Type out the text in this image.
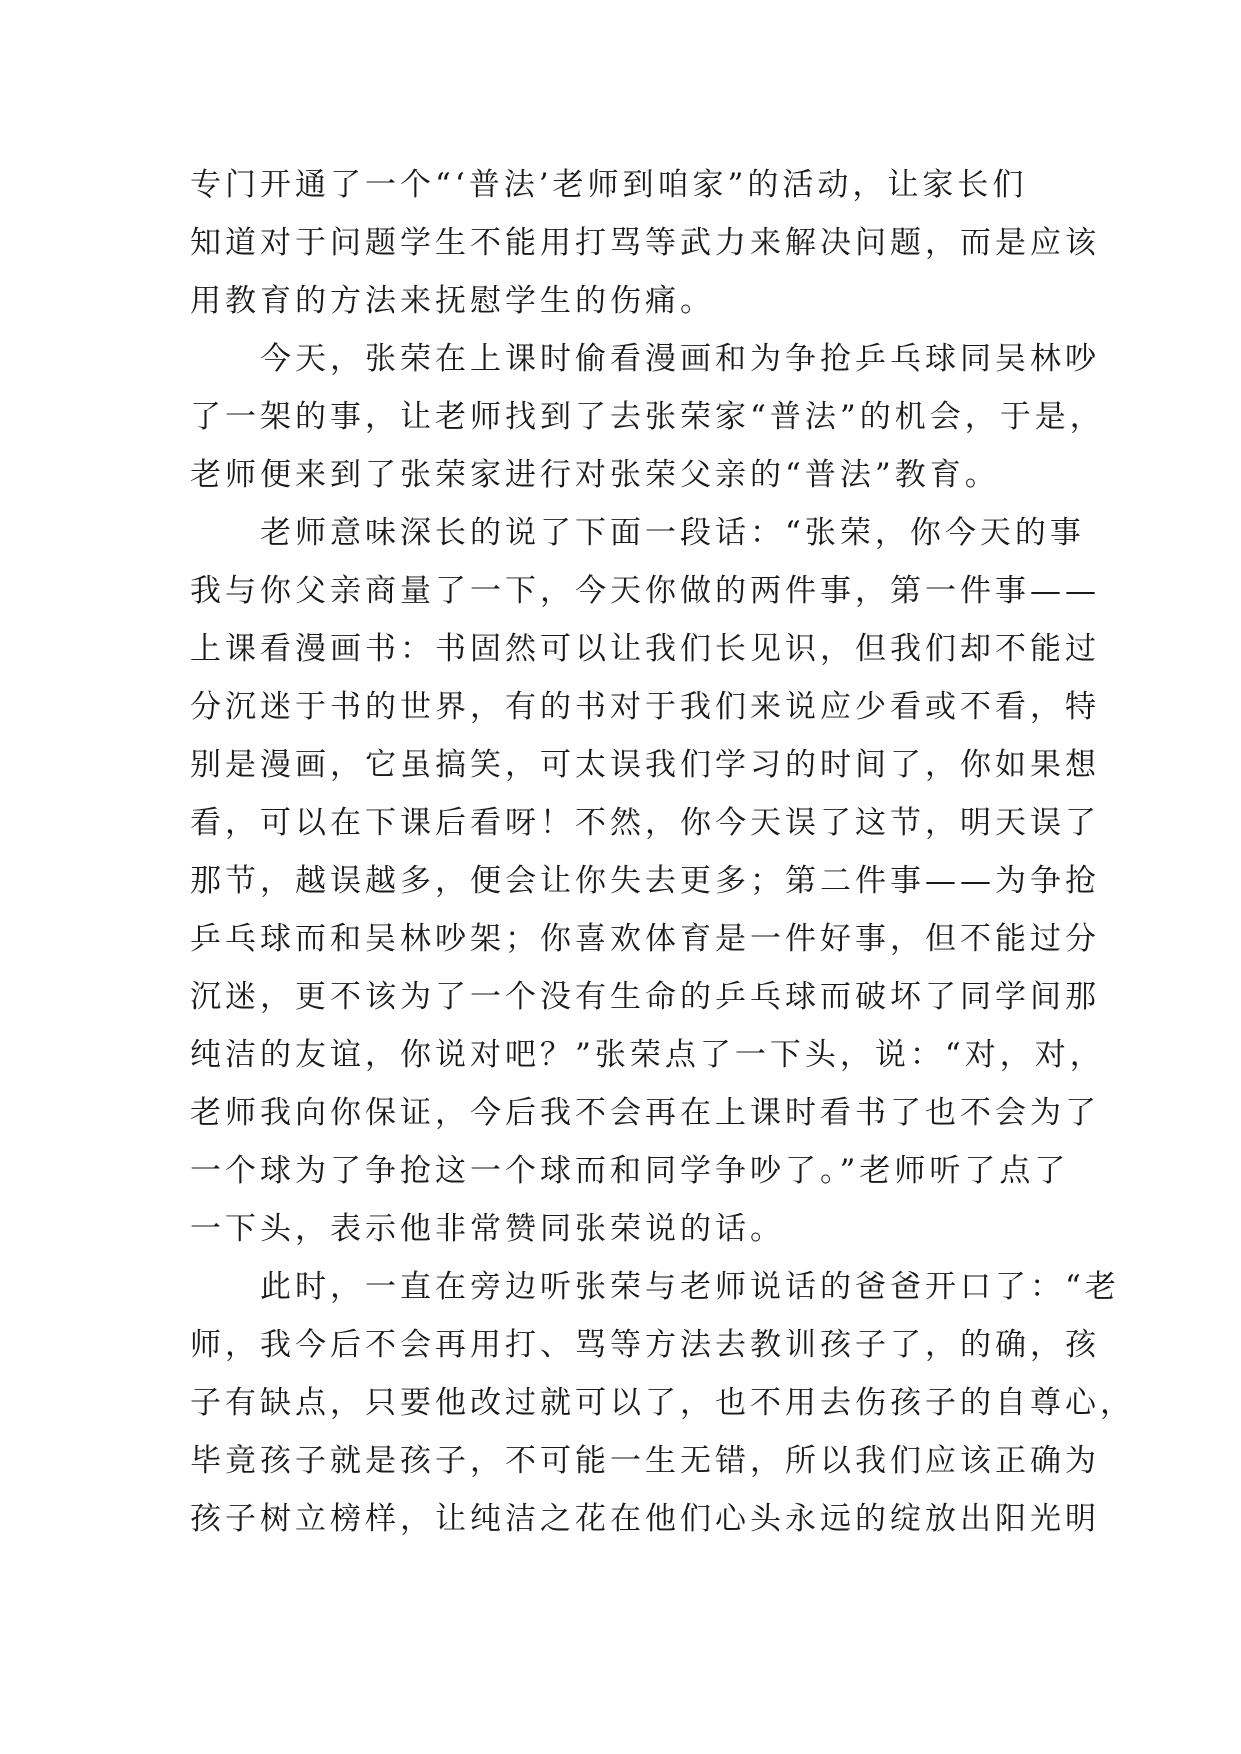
专门开通了一个“‘普法’老师到咱家”的活动，让家长们
知道对于问题学生不能用打骂等武力来解决问题，而是应该
用教育的方法来抚慰学生的伤痛。
今天，张荣在上课时偷看漫画和为争抢乒乓球同吴林吵
了一架的事，让老师找到了去张荣家“普法”的机会，于是，
老师便来到了张荣家进行对张荣父亲的“普法”教育。
老师意味深长的说了下面一段话：“张荣，你今天的事
我与你父亲商量了一下，今天你做的两件事，第一件事——
上课看漫画书：书固然可以让我们长见识，但我们却不能过
分沉迷于书的世界，有的书对于我们来说应少看或不看，特
别是漫画，它虽搞笑，可太误我们学习的时间了，你如果想
看，可以在下课后看呀！不然，你今天误了这节，明天误了
那节，越误越多，便会让你失去更多；第二件事——为争抢
乒乓球而和吴林吵架；你喜欢体育是一件好事，但不能过分
沉迷，更不该为了一个没有生命的乒乓球而破坏了同学间那
纯洁的友谊，你说对吧？”张荣点了一下头，说：“对，对，
老师我向你保证，今后我不会再在上课时看书了也不会为了
一个球为了争抢这一个球而和同学争吵了。”老师听了点了
一下头，表示他非常赞同张荣说的话。
此时，一直在旁边听张荣与老师说话的爸爸开口了：“老
师，我今后不会再用打、骂等方法去教训孩子了，的确，孩
子有缺点，只要他改过就可以了，也不用去伤孩子的自尊心，
毕竟孩子就是孩子，不可能一生无错，所以我们应该正确为
孩子树立榜样，让纯洁之花在他们心头永远的绽放出阳光明
